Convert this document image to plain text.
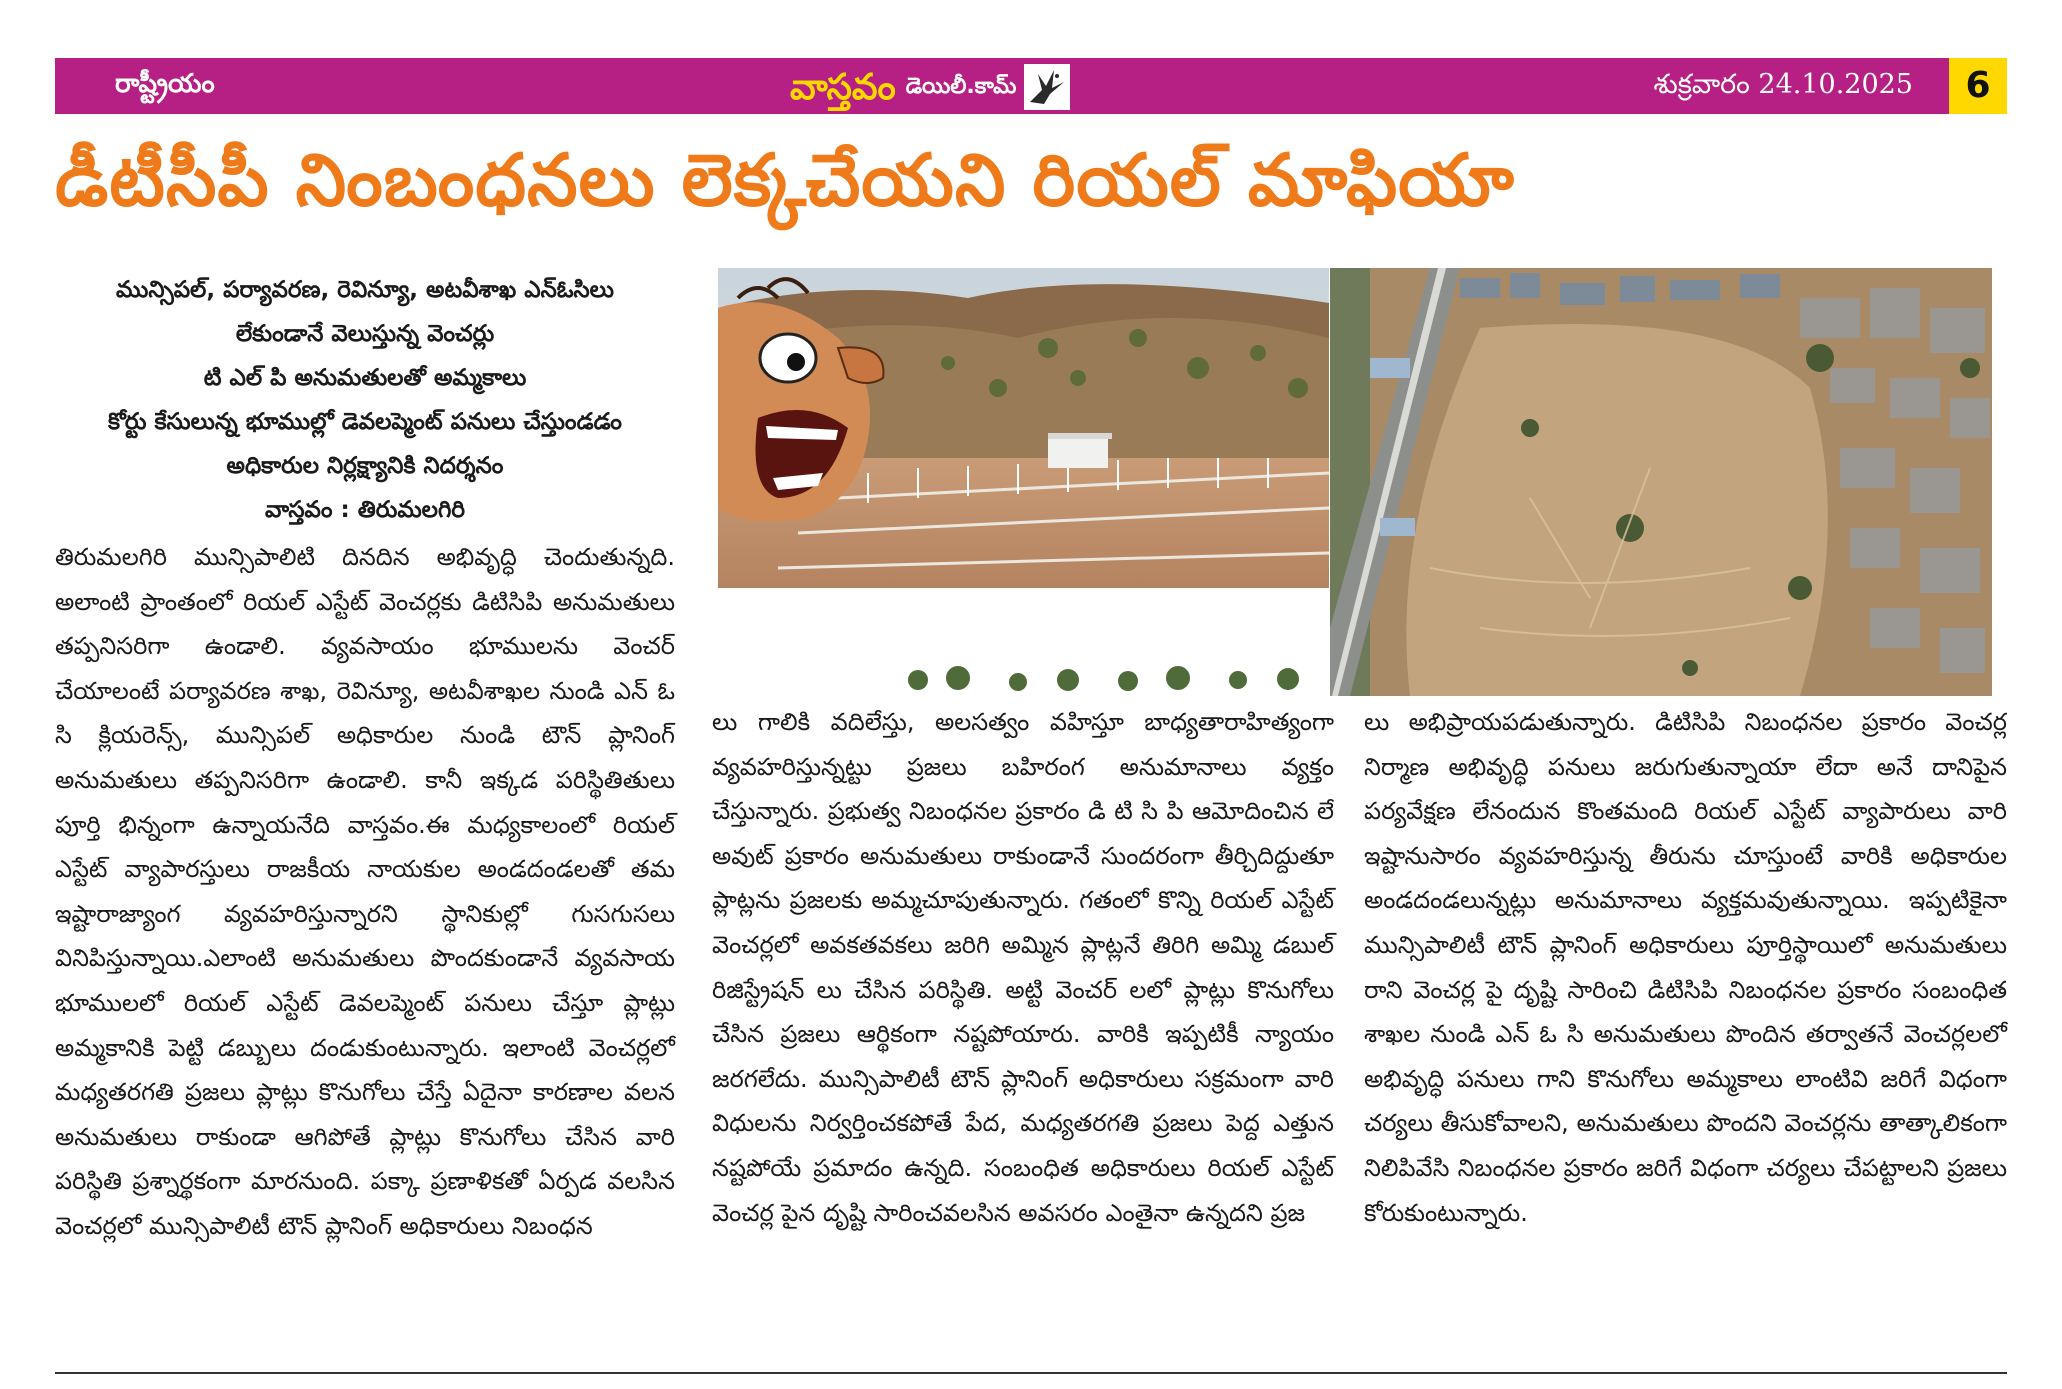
రాష్ట్రీయం	వాస్తవం డెయిలీ.కామ్	శుక్రవారం 24.10.2025	6
డీటీసీపీ నింబంధనలు లెక్కచేయని రియల్ మాఫియా
మున్సిపల్, పర్యావరణ, రెవిన్యూ, అటవీశాఖ ఎన్ఓసిలు
లేకుండానే వెలుస్తున్న వెంచర్లు
టి ఎల్ పి అనుమతులతో అమ్మకాలు
కోర్టు కేసులున్న భూముల్లో డెవలప్మెంట్ పనులు చేస్తుండడం
అధికారుల నిర్లక్ష్యానికి నిదర్శనం
వాస్తవం : తిరుమలగిరి
తిరుమలగిరి మున్సిపాలిటి దినదిన అభివృద్ధి చెందుతున్నది. అలాంటి ప్రాంతంలో రియల్ ఎస్టేట్ వెంచర్లకు డిటిసిపి అనుమతులు తప్పనిసరిగా ఉండాలి. వ్యవసాయం భూములను వెంచర్ చేయాలంటే పర్యావరణ శాఖ, రెవిన్యూ, అటవీశాఖల నుండి ఎన్ ఓ సి క్లియరెన్స్, మున్సిపల్ అధికారుల నుండి టౌన్ ప్లానింగ్ అనుమతులు తప్పనిసరిగా ఉండాలి. కానీ ఇక్కడ పరిస్థితితులు పూర్తి భిన్నంగా ఉన్నాయనేది వాస్తవం.ఈ మధ్యకాలంలో రియల్ ఎస్టేట్ వ్యాపారస్తులు రాజకీయ నాయకుల అండదండలతో తమ ఇష్టారాజ్యాంగ వ్యవహరిస్తున్నారని స్థానికుల్లో గుసగుసలు వినిపిస్తున్నాయి.ఎలాంటి అనుమతులు పొందకుండానే వ్యవసాయ భూములలో రియల్ ఎస్టేట్ డెవలప్మెంట్ పనులు చేస్తూ ప్లాట్లు అమ్మకానికి పెట్టి డబ్బులు దండుకుంటున్నారు. ఇలాంటి వెంచర్లలో మధ్యతరగతి ప్రజలు ప్లాట్లు కొనుగోలు చేస్తే ఏదైనా కారణాల వలన అనుమతులు రాకుండా ఆగిపోతే ప్లాట్లు కొనుగోలు చేసిన వారి పరిస్థితి ప్రశ్నార్థకంగా మారనుంది. పక్కా ప్రణాళికతో ఏర్పడ వలసిన వెంచర్లలో మున్సిపాలిటీ టౌన్ ప్లానింగ్ అధికారులు నిబంధన
లు గాలికి వదిలేస్తు, అలసత్వం వహిస్తూ బాధ్యతారాహిత్యంగా వ్యవహరిస్తున్నట్టు ప్రజలు బహిరంగ అనుమానాలు వ్యక్తం చేస్తున్నారు. ప్రభుత్వ నిబంధనల ప్రకారం డి టి సి పి ఆమోదించిన లే అవుట్ ప్రకారం అనుమతులు రాకుండానే సుందరంగా తీర్చిదిద్దుతూ ప్లాట్లను ప్రజలకు అమ్మచూపుతున్నారు. గతంలో కొన్ని రియల్ ఎస్టేట్ వెంచర్లలో అవకతవకలు జరిగి అమ్మిన ప్లాట్లనే తిరిగి అమ్మి డబుల్ రిజిస్ట్రేషన్ లు చేసిన పరిస్థితి. అట్టి వెంచర్ లలో ప్లాట్లు కొనుగోలు చేసిన ప్రజలు ఆర్థికంగా నష్టపోయారు. వారికి ఇప్పటికీ న్యాయం జరగలేదు. మున్సిపాలిటీ టౌన్ ప్లానింగ్ అధికారులు సక్రమంగా వారి విధులను నిర్వర్తించకపోతే పేద, మధ్యతరగతి ప్రజలు పెద్ద ఎత్తున నష్టపోయే ప్రమాదం ఉన్నది. సంబంధిత అధికారులు రియల్ ఎస్టేట్ వెంచర్ల పైన దృష్టి సారించవలసిన అవసరం ఎంతైనా ఉన్నదని ప్రజ
లు అభిప్రాయపడుతున్నారు. డిటిసిపి నిబంధనల ప్రకారం వెంచర్ల నిర్మాణ అభివృద్ధి పనులు జరుగుతున్నాయా లేదా అనే దానిపైన పర్యవేక్షణ లేనందున కొంతమంది రియల్ ఎస్టేట్ వ్యాపారులు వారి ఇష్టానుసారం వ్యవహరిస్తున్న తీరును చూస్తుంటే వారికి అధికారుల అండదండలున్నట్లు అనుమానాలు వ్యక్తమవుతున్నాయి. ఇప్పటికైనా మున్సిపాలిటీ టౌన్ ప్లానింగ్ అధికారులు పూర్తిస్థాయిలో అనుమతులు రాని వెంచర్ల పై దృష్టి సారించి డిటిసిపి నిబంధనల ప్రకారం సంబంధిత శాఖల నుండి ఎన్ ఓ సి అనుమతులు పొందిన తర్వాతనే వెంచర్లలలో అభివృద్ధి పనులు గాని కొనుగోలు అమ్మకాలు లాంటివి జరిగే విధంగా చర్యలు తీసుకోవాలని, అనుమతులు పొందని వెంచర్లను తాత్కాలికంగా నిలిపివేసి నిబంధనల ప్రకారం జరిగే విధంగా చర్యలు చేపట్టాలని ప్రజలు కోరుకుంటున్నారు.
